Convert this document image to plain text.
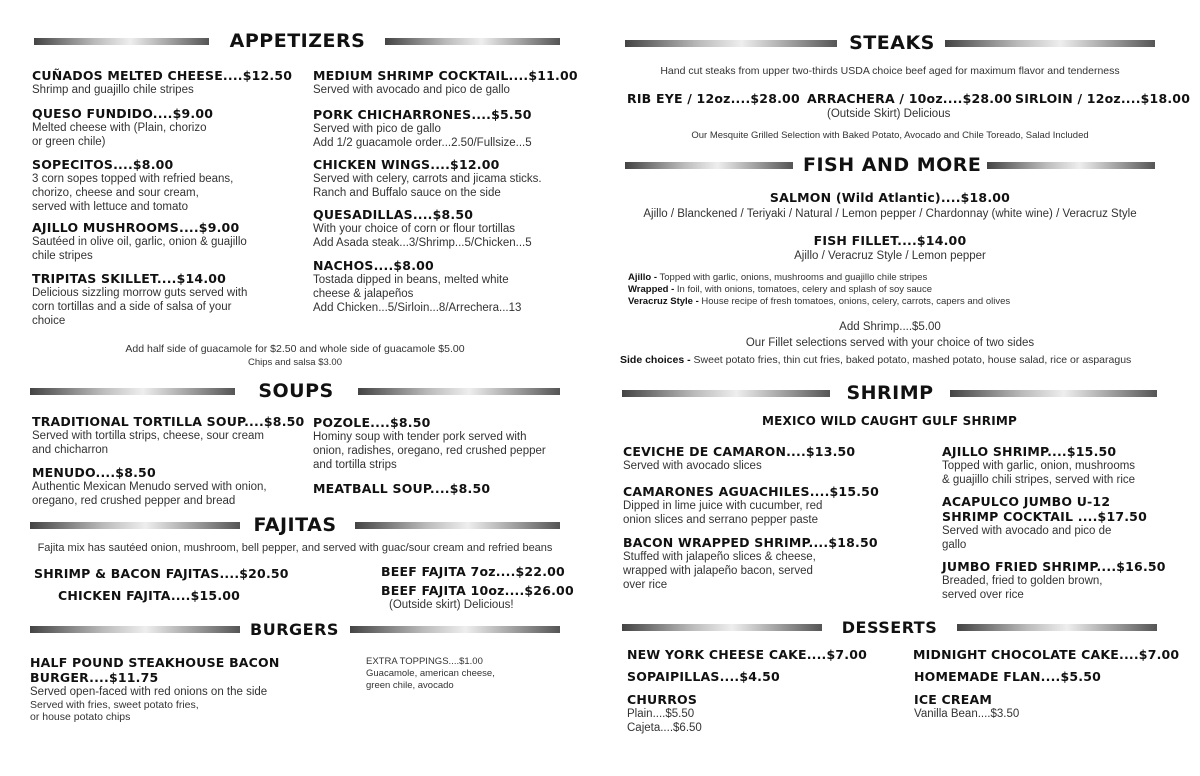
APPETIZERS
CUÑADOS MELTED CHEESE....$12.50
Shrimp and guajillo chile stripes
QUESO FUNDIDO....$9.00
Melted cheese with (Plain, chorizo
or green chile)
SOPECITOS....$8.00
3 corn sopes topped with refried beans,
chorizo, cheese and sour cream,
served with lettuce and tomato
AJILLO MUSHROOMS....$9.00
Sautéed in olive oil, garlic, onion & guajillo
chile stripes
TRIPITAS SKILLET....$14.00
Delicious sizzling morrow guts served with
corn tortillas and a side of salsa of your
choice
MEDIUM SHRIMP COCKTAIL....$11.00
Served with avocado and pico de gallo
PORK CHICHARRONES....$5.50
Served with pico de gallo
Add 1/2 guacamole order...2.50/Fullsize...5
CHICKEN WINGS....$12.00
Served with celery, carrots and jicama sticks.
Ranch and Buffalo sauce on the side
QUESADILLAS....$8.50
With your choice of corn or flour tortillas
Add Asada steak...3/Shrimp...5/Chicken...5
NACHOS....$8.00
Tostada dipped in beans, melted white
cheese & jalapeños
Add Chicken...5/Sirloin...8/Arrechera...13
Add half side of guacamole for $2.50 and whole side of guacamole $5.00
Chips and salsa $3.00
SOUPS
TRADITIONAL TORTILLA SOUP....$8.50
Served with tortilla strips, cheese, sour cream
and chicharron
MENUDO....$8.50
Authentic Mexican Menudo served with onion,
oregano, red crushed pepper and bread
POZOLE....$8.50
Hominy soup with tender pork served with
onion, radishes, oregano, red crushed pepper
and tortilla strips
MEATBALL SOUP....$8.50
FAJITAS
Fajita mix has sautéed onion, mushroom, bell pepper, and served with guac/sour cream and refried beans
SHRIMP & BACON FAJITAS....$20.50
CHICKEN FAJITA....$15.00
BEEF FAJITA 7oz....$22.00
BEEF FAJITA 10oz....$26.00
(Outside skirt) Delicious!
BURGERS
HALF POUND STEAKHOUSE BACON
BURGER....$11.75
Served open-faced with red onions on the side
Served with fries, sweet potato fries,
or house potato chips
EXTRA TOPPINGS....$1.00
Guacamole, american cheese,
green chile, avocado
STEAKS
Hand cut steaks from upper two-thirds USDA choice beef aged for maximum flavor and tenderness
RIB EYE / 12oz....$28.00 ARRACHERA / 10oz....$28.00
(Outside Skirt) Delicious
SIRLOIN / 12oz....$18.00
Our Mesquite Grilled Selection with Baked Potato, Avocado and Chile Toreado, Salad Included
FISH AND MORE
SALMON (Wild Atlantic)....$18.00
Ajillo / Blanckened / Teriyaki / Natural / Lemon pepper / Chardonnay (white wine) / Veracruz Style
FISH FILLET....$14.00
Ajillo / Veracruz Style / Lemon pepper
Ajillo - Topped with garlic, onions, mushrooms and guajillo chile stripes
Wrapped - In foil, with onions, tomatoes, celery and splash of soy sauce
Veracruz Style - House recipe of fresh tomatoes, onions, celery, carrots, capers and olives
Add Shrimp....$5.00
Our Fillet selections served with your choice of two sides
Side choices - Sweet potato fries, thin cut fries, baked potato, mashed potato, house salad, rice or asparagus
SHRIMP
MEXICO WILD CAUGHT GULF SHRIMP
CEVICHE DE CAMARON....$13.50
Served with avocado slices
CAMARONES AGUACHILES....$15.50
Dipped in lime juice with cucumber, red
onion slices and serrano pepper paste
BACON WRAPPED SHRIMP....$18.50
Stuffed with jalapeño slices & cheese,
wrapped with jalapeño bacon, served
over rice
AJILLO SHRIMP....$15.50
Topped with garlic, onion, mushrooms
& guajillo chili stripes, served with rice
ACAPULCO JUMBO U-12
SHRIMP COCKTAIL ....$17.50
Served with avocado and pico de
gallo
JUMBO FRIED SHRIMP....$16.50
Breaded, fried to golden brown,
served over rice
DESSERTS
NEW YORK CHEESE CAKE....$7.00
SOPAIPILLAS....$4.50
CHURROS
Plain....$5.50
Cajeta....$6.50
MIDNIGHT CHOCOLATE CAKE....$7.00
HOMEMADE FLAN....$5.50
ICE CREAM
Vanilla Bean....$3.50
